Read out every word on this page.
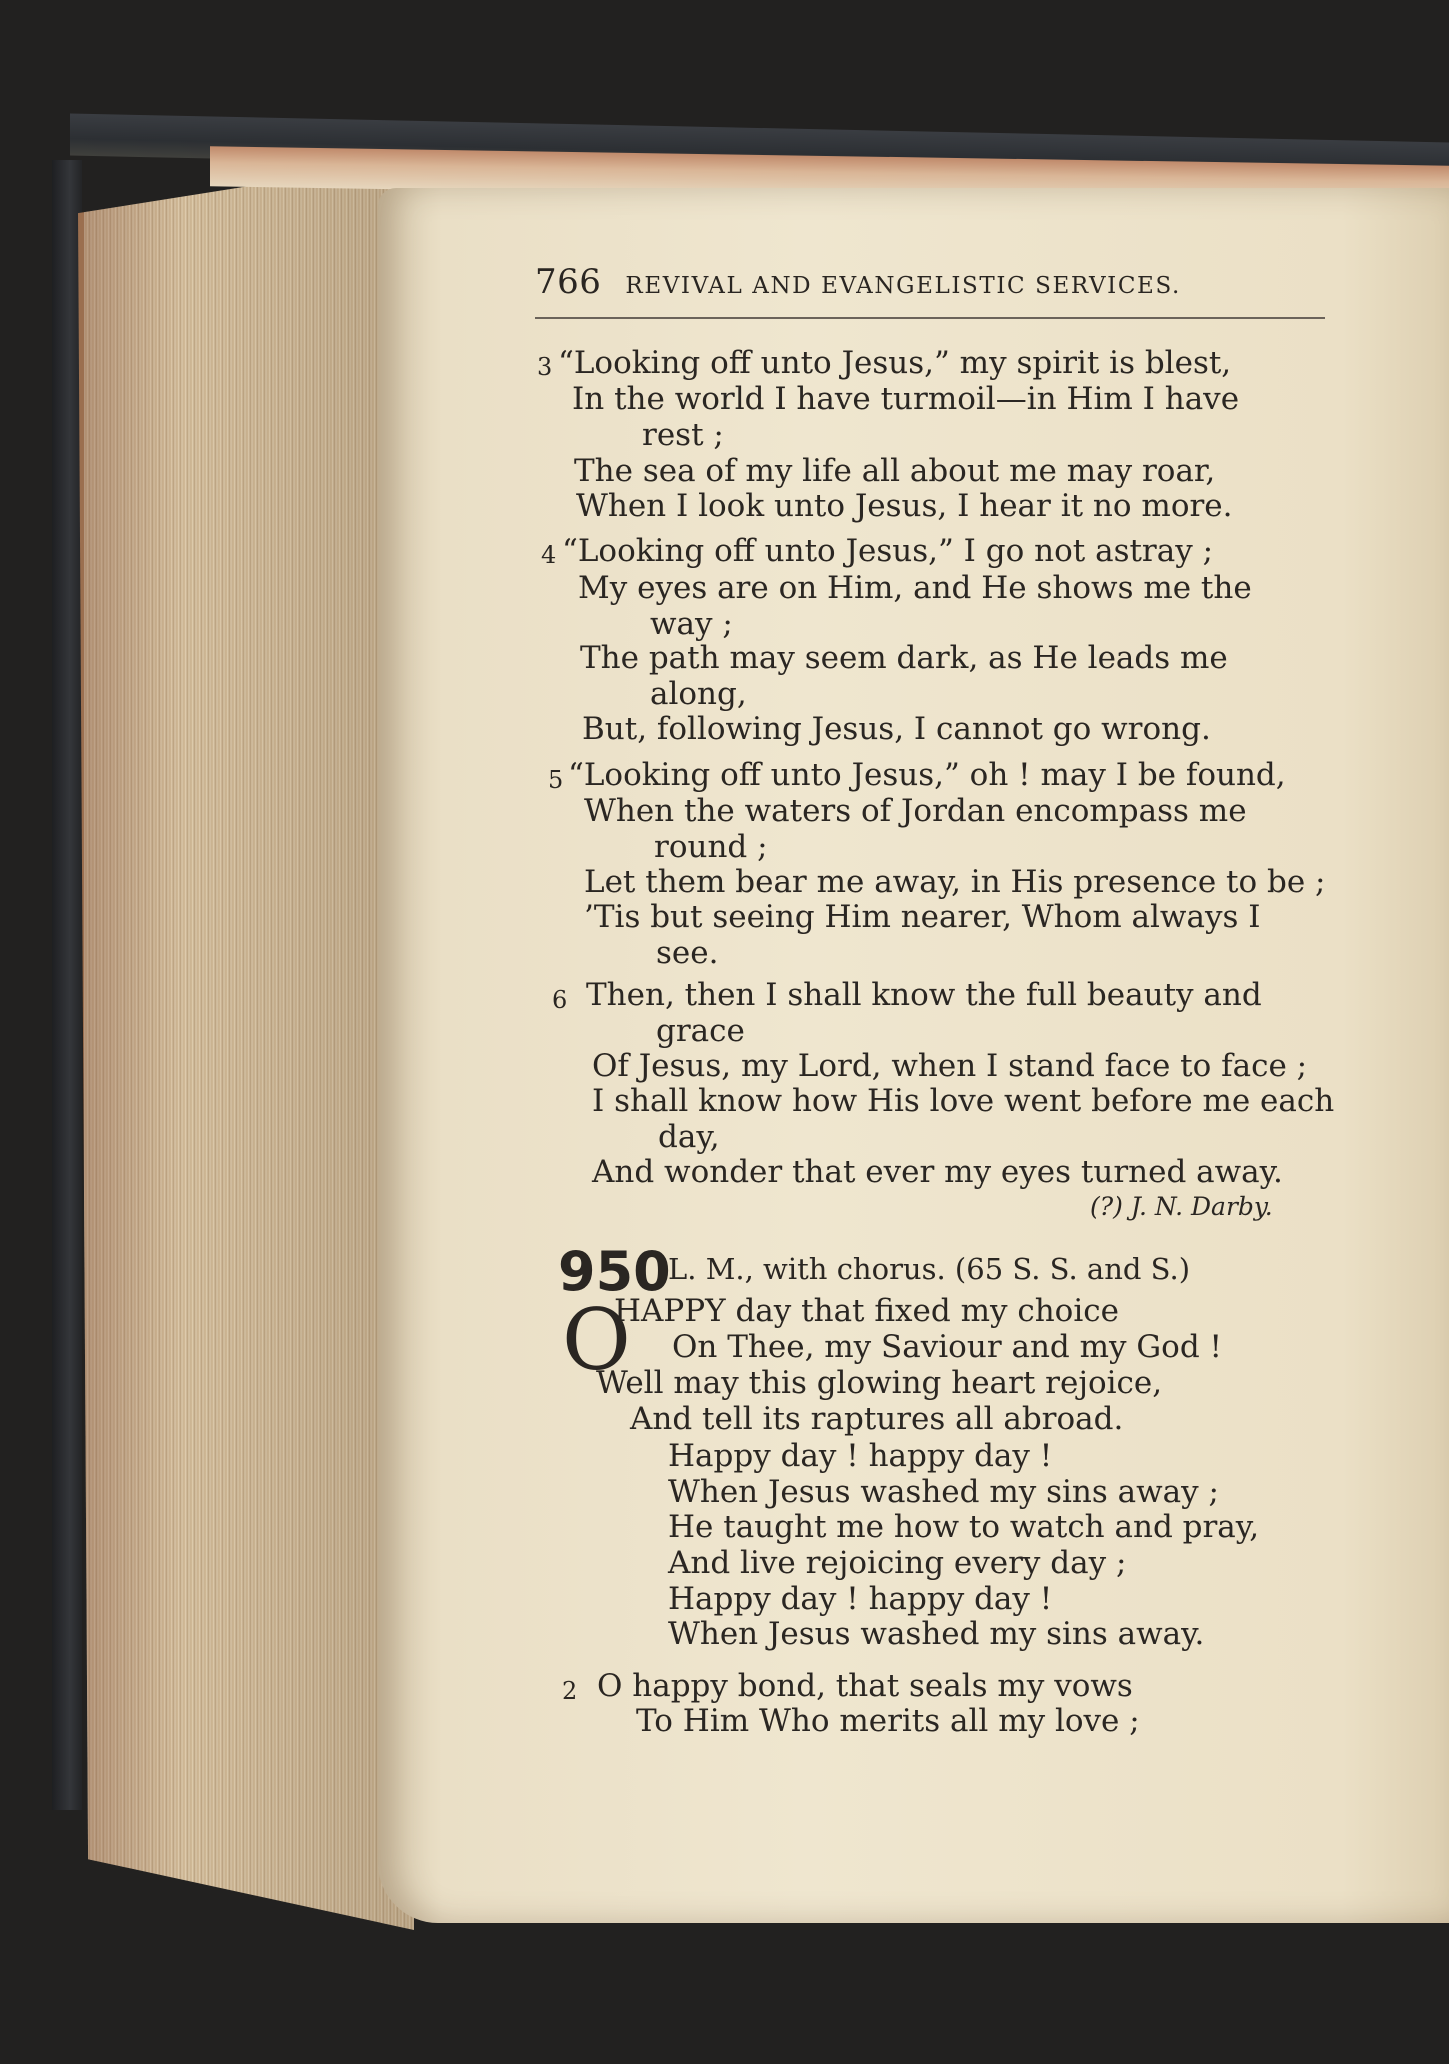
766 REVIVAL AND EVANGELISTIC SERVICES.
3 “Looking off unto Jesus,” my spirit is blest,
In the world I have turmoil—in Him I have
rest ;
The sea of my life all about me may roar,
When I look unto Jesus, I hear it no more.
4 “Looking off unto Jesus,” I go not astray ;
My eyes are on Him, and He shows me the
way ;
The path may seem dark, as He leads me
along,
But, following Jesus, I cannot go wrong.
5 “Looking off unto Jesus,” oh ! may I be found,
When the waters of Jordan encompass me
round ;
Let them bear me away, in His presence to be ;
’Tis but seeing Him nearer, Whom always I
see.
6 Then, then I shall know the full beauty and
grace
Of Jesus, my Lord, when I stand face to face ;
I shall know how His love went before me each
day,
And wonder that ever my eyes turned away.
(?) J. N. Darby.
950
L. M., with chorus. (65 S. S. and S.)
O
HAPPY day that fixed my choice
On Thee, my Saviour and my God !
Well may this glowing heart rejoice,
And tell its raptures all abroad.
Happy day ! happy day !
When Jesus washed my sins away ;
He taught me how to watch and pray,
And live rejoicing every day ;
Happy day ! happy day !
When Jesus washed my sins away.
2 O happy bond, that seals my vows
To Him Who merits all my love ;
